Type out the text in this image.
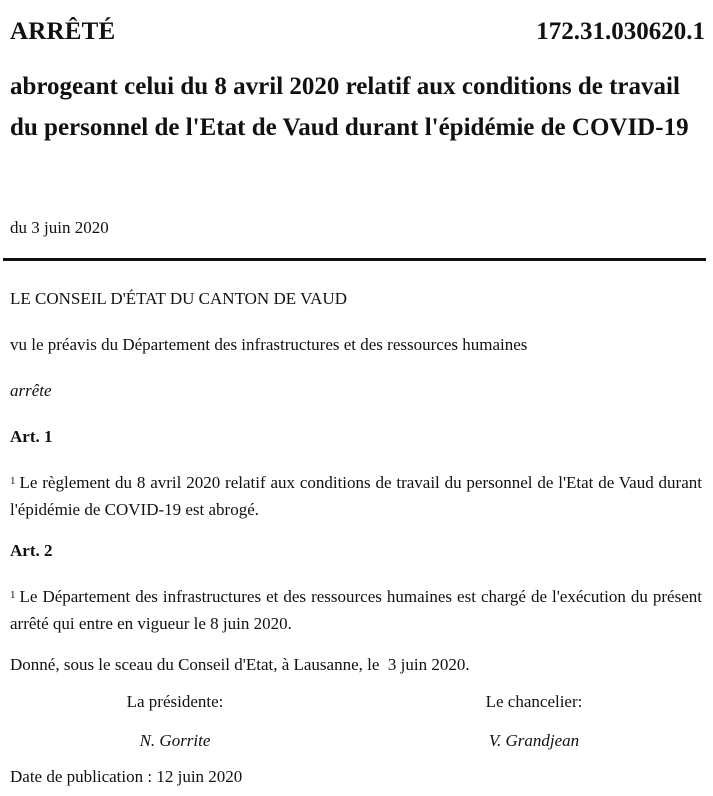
ARRÊTÉ	172.31.030620.1
abrogeant celui du 8 avril 2020 relatif aux conditions de travail du personnel de l'Etat de Vaud durant l'épidémie de COVID-19
du 3 juin 2020

LE CONSEIL D'ÉTAT DU CANTON DE VAUD

vu le préavis du Département des infrastructures et des ressources humaines

arrête

Art. 1

$^1$ Le règlement du 8 avril 2020 relatif aux conditions de travail du personnel de l'Etat de Vaud durant l'épidémie de COVID-19 est abrogé.

Art. 2

$^1$ Le Département des infrastructures et des ressources humaines est chargé de l'exécution du présent arrêté qui entre en vigueur le 8 juin 2020.

Donné, sous le sceau du Conseil d'Etat, à Lausanne, le  3 juin 2020.

La présidente:	Le chancelier:
N. Gorrite	V. Grandjean

Date de publication : 12 juin 2020
